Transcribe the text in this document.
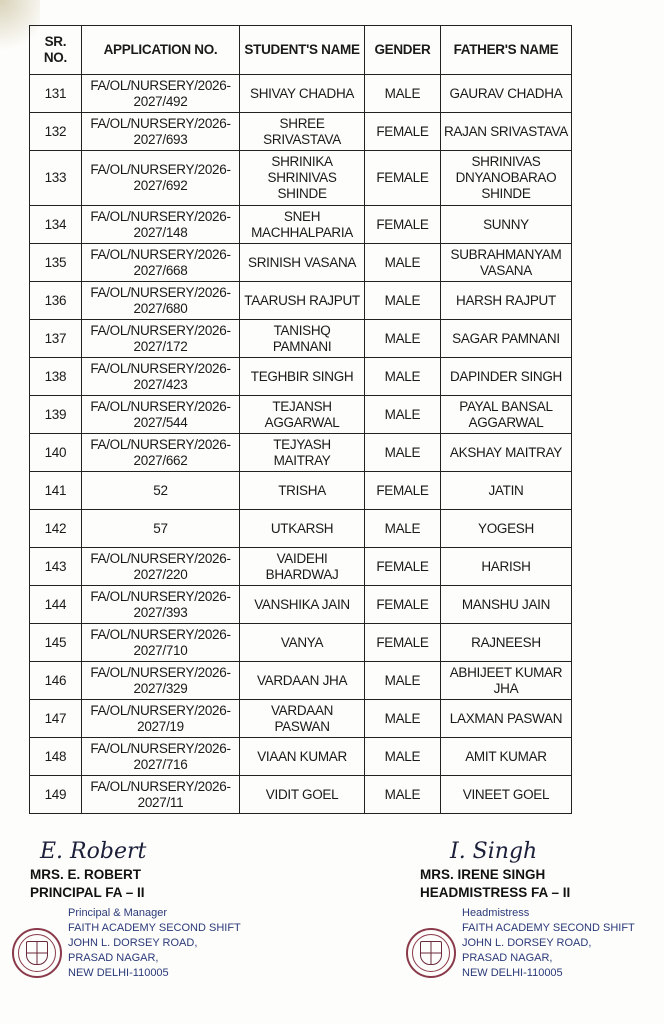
SR. NO.	APPLICATION NO.	STUDENT'S NAME	GENDER	FATHER'S NAME
131	FA/OL/NURSERY/2026-2027/492	SHIVAY CHADHA	MALE	GAURAV CHADHA
132	FA/OL/NURSERY/2026-2027/693	SHREE SRIVASTAVA	FEMALE	RAJAN SRIVASTAVA
133	FA/OL/NURSERY/2026-2027/692	SHRINIKA SHRINIVAS SHINDE	FEMALE	SHRINIVAS DNYANOBARAO SHINDE
134	FA/OL/NURSERY/2026-2027/148	SNEH MACHHALPARIA	FEMALE	SUNNY
135	FA/OL/NURSERY/2026-2027/668	SRINISH VASANA	MALE	SUBRAHMANYAM VASANA
136	FA/OL/NURSERY/2026-2027/680	TAARUSH RAJPUT	MALE	HARSH RAJPUT
137	FA/OL/NURSERY/2026-2027/172	TANISHQ PAMNANI	MALE	SAGAR PAMNANI
138	FA/OL/NURSERY/2026-2027/423	TEGHBIR SINGH	MALE	DAPINDER SINGH
139	FA/OL/NURSERY/2026-2027/544	TEJANSH AGGARWAL	MALE	PAYAL BANSAL AGGARWAL
140	FA/OL/NURSERY/2026-2027/662	TEJYASH MAITRAY	MALE	AKSHAY MAITRAY
141	52	TRISHA	FEMALE	JATIN
142	57	UTKARSH	MALE	YOGESH
143	FA/OL/NURSERY/2026-2027/220	VAIDEHI BHARDWAJ	FEMALE	HARISH
144	FA/OL/NURSERY/2026-2027/393	VANSHIKA JAIN	FEMALE	MANSHU JAIN
145	FA/OL/NURSERY/2026-2027/710	VANYA	FEMALE	RAJNEESH
146	FA/OL/NURSERY/2026-2027/329	VARDAAN JHA	MALE	ABHIJEET KUMAR JHA
147	FA/OL/NURSERY/2026-2027/19	VARDAAN PASWAN	MALE	LAXMAN PASWAN
148	FA/OL/NURSERY/2026-2027/716	VIAAN KUMAR	MALE	AMIT KUMAR
149	FA/OL/NURSERY/2026-2027/11	VIDIT GOEL	MALE	VINEET GOEL
E. Robert
MRS. E. ROBERT
PRINCIPAL FA – II
Principal & Manager
FAITH ACADEMY SECOND SHIFT
JOHN L. DORSEY ROAD,
PRASAD NAGAR,
NEW DELHI-110005
I. Singh
MRS. IRENE SINGH
HEADMISTRESS FA – II
Headmistress
FAITH ACADEMY SECOND SHIFT
JOHN L. DORSEY ROAD,
PRASAD NAGAR,
NEW DELHI-110005
